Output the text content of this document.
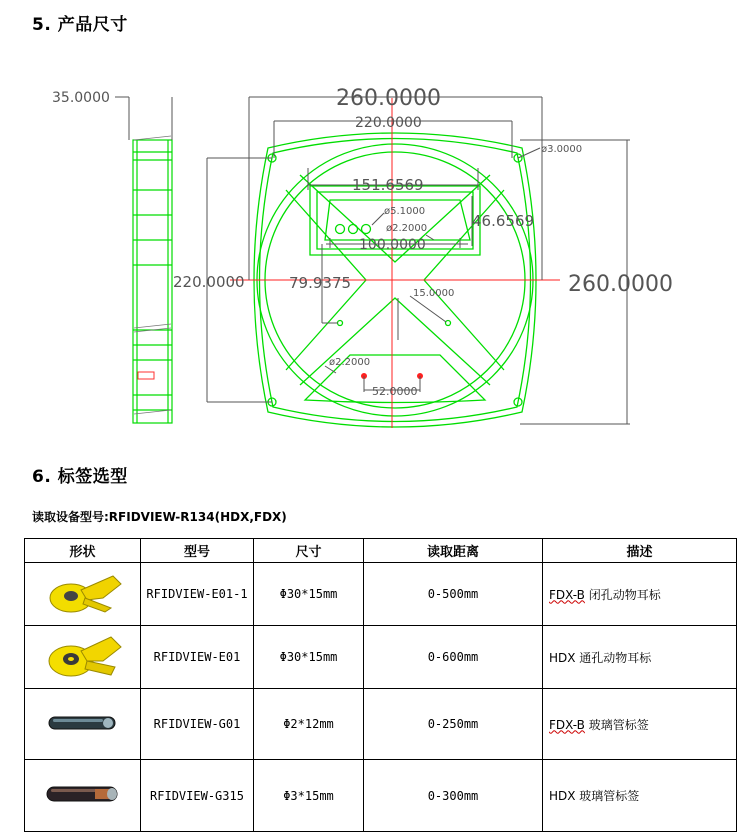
5. 产品尺寸
35.0000	260.0000
220.0000
ø3.0000
151.6569
ø5.1000
ø2.2000	46.6569
100.0000
220.0000	79.9375
15.0000	260.0000
ø2.2000
52.0000
6. 标签选型
读取设备型号:RFIDVIEW-R134(HDX,FDX)
形状	型号	尺寸	读取距离	描述
	RFIDVIEW-E01-1	Φ30*15mm	0-500mm	FDX-B 闭孔动物耳标
	RFIDVIEW-E01	Φ30*15mm	0-600mm	HDX 通孔动物耳标
	RFIDVIEW-G01	Φ2*12mm	0-250mm	FDX-B 玻璃管标签
	RFIDVIEW-G315	Φ3*15mm	0-300mm	HDX 玻璃管标签
